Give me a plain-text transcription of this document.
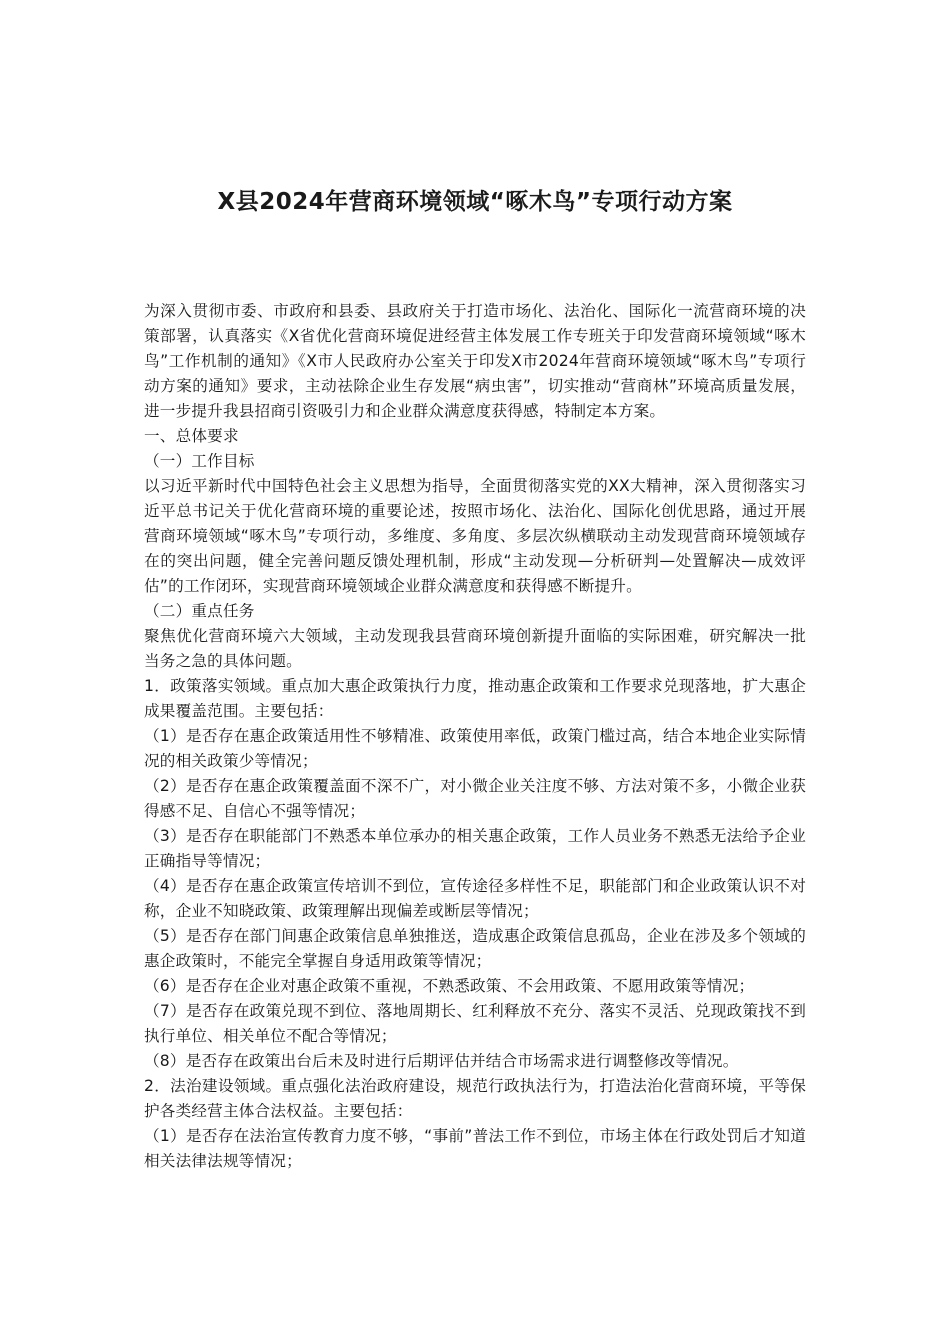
X县2024年营商环境领域“啄木鸟”专项行动方案

为深入贯彻市委、市政府和县委、县政府关于打造市场化、法治化、国际化一流营商环境的决策部署，认真落实《X省优化营商环境促进经营主体发展工作专班关于印发营商环境领域“啄木鸟”工作机制的通知》《X市人民政府办公室关于印发X市2024年营商环境领域“啄木鸟”专项行动方案的通知》要求，主动祛除企业生存发展“病虫害”，切实推动“营商林”环境高质量发展，进一步提升我县招商引资吸引力和企业群众满意度获得感，特制定本方案。

一、总体要求

（一）工作目标

以习近平新时代中国特色社会主义思想为指导，全面贯彻落实党的XX大精神，深入贯彻落实习近平总书记关于优化营商环境的重要论述，按照市场化、法治化、国际化创优思路，通过开展营商环境领域“啄木鸟”专项行动，多维度、多角度、多层次纵横联动主动发现营商环境领域存在的突出问题，健全完善问题反馈处理机制，形成“主动发现—分析研判—处置解决—成效评估”的工作闭环，实现营商环境领域企业群众满意度和获得感不断提升。

（二）重点任务

聚焦优化营商环境六大领域，主动发现我县营商环境创新提升面临的实际困难，研究解决一批当务之急的具体问题。

1．政策落实领域。重点加大惠企政策执行力度，推动惠企政策和工作要求兑现落地，扩大惠企成果覆盖范围。主要包括：

（1）是否存在惠企政策适用性不够精准、政策使用率低，政策门槛过高，结合本地企业实际情况的相关政策少等情况；

（2）是否存在惠企政策覆盖面不深不广，对小微企业关注度不够、方法对策不多，小微企业获得感不足、自信心不强等情况；

（3）是否存在职能部门不熟悉本单位承办的相关惠企政策，工作人员业务不熟悉无法给予企业正确指导等情况；

（4）是否存在惠企政策宣传培训不到位，宣传途径多样性不足，职能部门和企业政策认识不对称，企业不知晓政策、政策理解出现偏差或断层等情况；

（5）是否存在部门间惠企政策信息单独推送，造成惠企政策信息孤岛，企业在涉及多个领域的惠企政策时，不能完全掌握自身适用政策等情况；

（6）是否存在企业对惠企政策不重视，不熟悉政策、不会用政策、不愿用政策等情况；

（7）是否存在政策兑现不到位、落地周期长、红利释放不充分、落实不灵活、兑现政策找不到执行单位、相关单位不配合等情况；

（8）是否存在政策出台后未及时进行后期评估并结合市场需求进行调整修改等情况。

2．法治建设领域。重点强化法治政府建设，规范行政执法行为，打造法治化营商环境，平等保护各类经营主体合法权益。主要包括：

（1）是否存在法治宣传教育力度不够，“事前”普法工作不到位，市场主体在行政处罚后才知道相关法律法规等情况；
